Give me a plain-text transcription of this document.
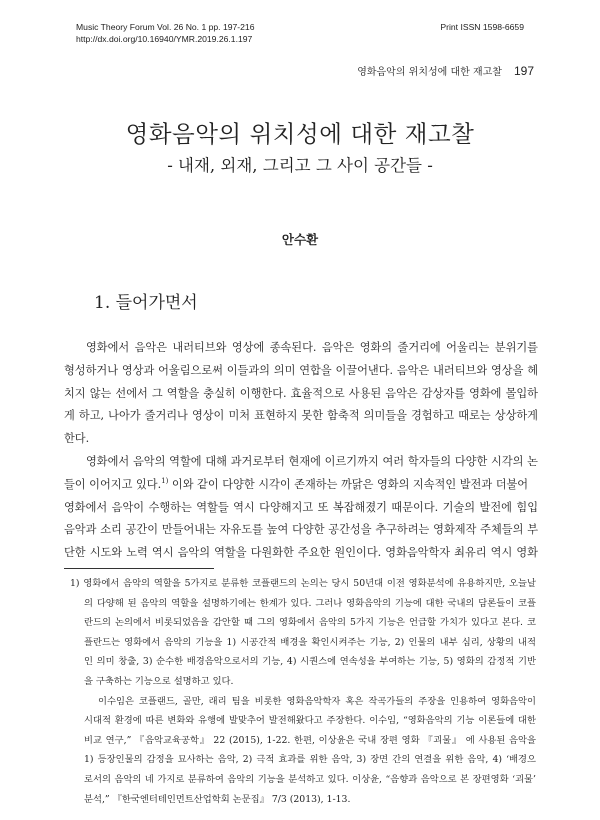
Music Theory Forum Vol. 26 No. 1 pp. 197-216
http://dx.doi.org/10.16940/YMR.2019.26.1.197
Print ISSN 1598-6659
영화음악의 위치성에 대한 재고찰 197
영화음악의 위치성에 대한 재고찰
- 내재, 외재, 그리고 그 사이 공간들 -
안수환
1. 들어가면서
영화에서 음악은 내러티브와 영상에 종속된다. 음악은 영화의 줄거리에 어울리는 분위기를
형성하거나 영상과 어울림으로써 이들과의 의미 연합을 이끌어낸다. 음악은 내러티브와 영상을 헤
치지 않는 선에서 그 역할을 충실히 이행한다. 효율적으로 사용된 음악은 감상자를 영화에 몰입하
게 하고, 나아가 줄거리나 영상이 미처 표현하지 못한 함축적 의미들을 경험하고 때로는 상상하게
한다.
영화에서 음악의 역할에 대해 과거로부터 현재에 이르기까지 여러 학자들의 다양한 시각의 논
들이 이어지고 있다.$^{1)}$ 이와 같이 다양한 시각이 존재하는 까닭은 영화의 지속적인 발전과 더불어
영화에서 음악이 수행하는 역할들 역시 다양해지고 또 복잡해졌기 때문이다. 기술의 발전에 힘입
음악과 소리 공간이 만들어내는 자유도를 높여 다양한 공간성을 추구하려는 영화제작 주체들의 부
단한 시도와 노력 역시 음악의 역할을 다원화한 주요한 원인이다. 영화음악학자 최유리 역시 영화
1) 영화에서 음악의 역할을 5가지로 분류한 코플랜드의 논의는 당시 50년대 이전 영화분석에 유용하지만, 오늘날
의 다양해 된 음악의 역할을 설명하기에는 한계가 있다. 그러나 영화음악의 기능에 대한 국내의 담론들이 코플
란드의 논의에서 비롯되었음을 감안할 때 그의 영화에서 음악의 5가지 기능은 언급할 가치가 있다고 본다. 코
플란드는 영화에서 음악의 기능을 1) 시공간적 배경을 확인시켜주는 기능, 2) 인물의 내부 심리, 상황의 내적
인 의미 창출, 3) 순수한 배경음악으로서의 기능, 4) 시퀀스에 연속성을 부여하는 기능, 5) 영화의 감정적 기반
을 구축하는 기능으로 설명하고 있다.
이수임은 코플랜드, 골만, 래리 팀을 비롯한 영화음악학자 혹은 작곡가들의 주장을 인용하여 영화음악이
시대적 환경에 따른 변화와 유행에 발맞추어 발전해왔다고 주장한다. 이수임, “영화음악의 기능 이론들에 대한
비교 연구,” 『음악교육공학』 22 (2015), 1-22. 한편, 이상윤은 국내 장편 영화 『괴물』 에 사용된 음악을
1) 등장인물의 감정을 묘사하는 음악, 2) 극적 효과를 위한 음악, 3) 장면 간의 연결을 위한 음악, 4) ‘배경으
로서의 음악의 네 가지로 분류하여 음악의 기능을 분석하고 있다. 이상윤, “음향과 음악으로 본 장편영화 ‘괴물’
분석,” 『한국엔터테인먼트산업학회 논문집』 7/3 (2013), 1-13.
